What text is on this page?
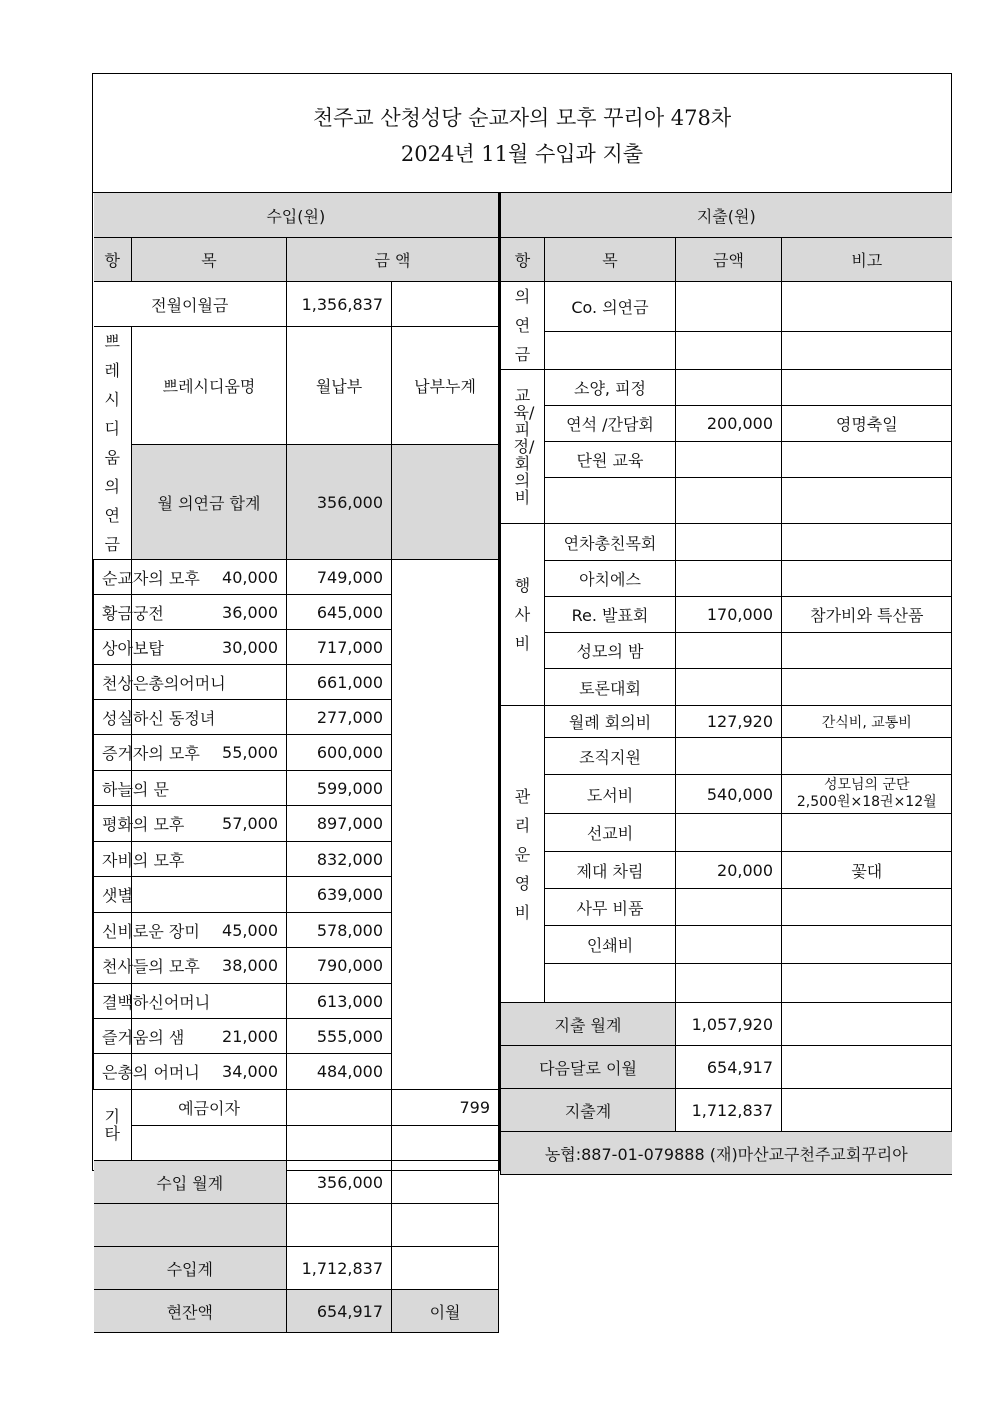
천주교 산청성당 순교자의 모후 꾸리아 478차
2024년 11월 수입과 지출
수입(원)			
항	목	금 액	
전월이월금		1,356,837	
쁘레시디움의연금	쁘레시디움명	월납부	납부누계
	월 의연금 합계	356,000	
순교자의 모후	40,000	749,000	
황금궁전	36,000	645,000	
상아보탑	30,000	717,000	
천상은총의어머니		661,000	
성실하신 동정녀		277,000	
증거자의 모후	55,000	600,000	
하늘의 문		599,000	
평화의 모후	57,000	897,000	
자비의 모후		832,000	
샛별		639,000	
신비로운 장미	45,000	578,000	
천사들의 모후	38,000	790,000	
결백하신어머니		613,000	
즐거움의 샘	21,000	555,000	
은총의 어머니	34,000	484,000	
기타	예금이자		799

수입 월계		356,000	

수입계		1,712,837	
현잔액		654,917	이월
지출(원)			
항	목	금액	비고
의연금	Co. 의연금		

교육/피정/회의비	소양, 피정		
	연석 /간담회	200,000	영명축일
	단원 교육		

행사비	연차총친목회		
	아치에스		
	Re. 발표회	170,000	참가비와 특산품
	성모의 밤		
	토론대회		
관리운영비	월례 회의비	127,920	간식비, 교통비
	조직지원		
	도서비	540,000	성모님의 군단
2,500원×18권×12월

	선교비		
	제대 차림	20,000	꽃대
	사무 비품		
	인쇄비		

지출 월계		1,057,920	
다음달로 이월		654,917	
지출계		1,712,837	
농협:887-01-079888 (재)마산교구천주교회꾸리아			
